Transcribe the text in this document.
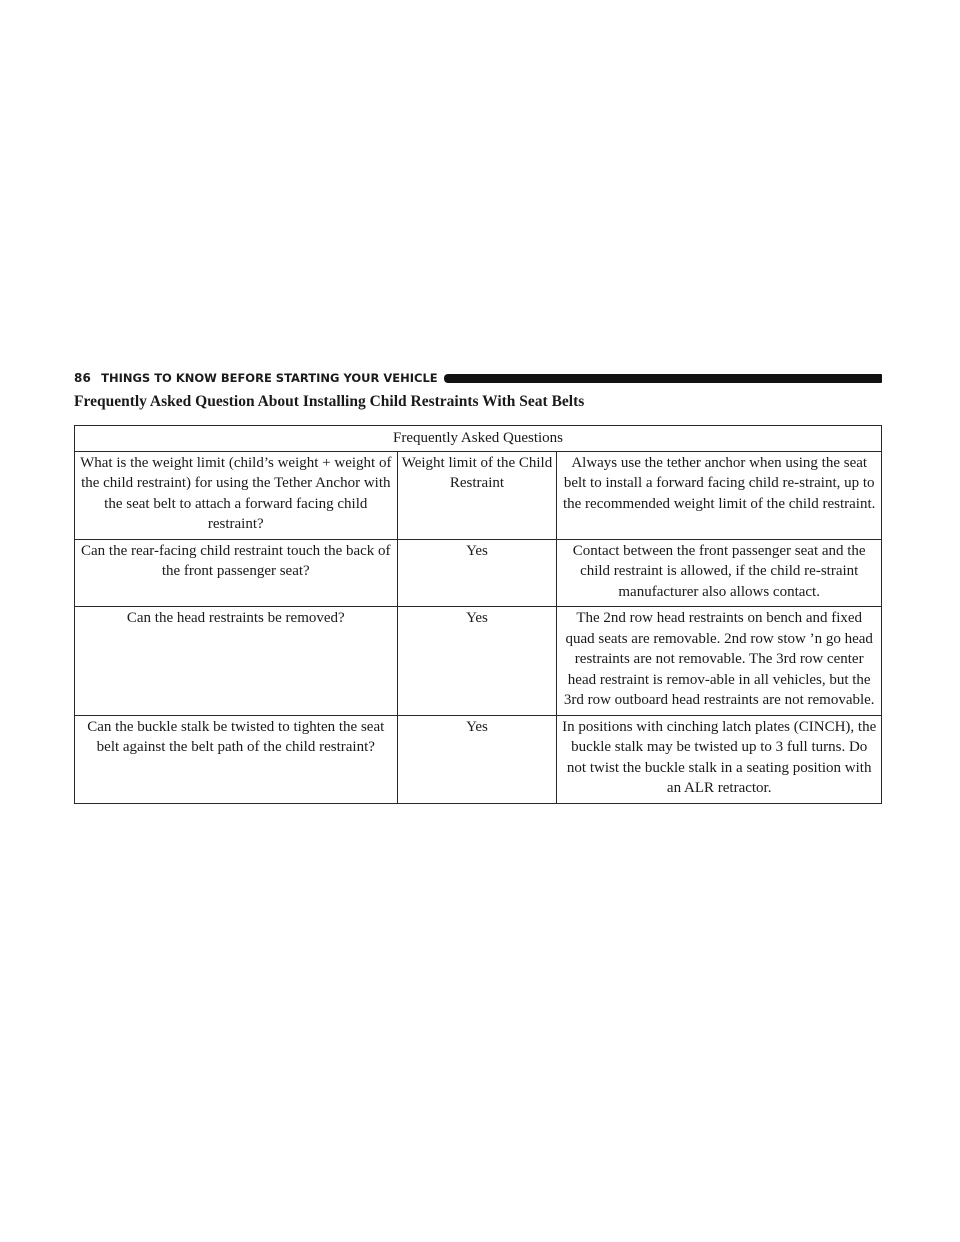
86 THINGS TO KNOW BEFORE STARTING YOUR VEHICLE
Frequently Asked Question About Installing Child Restraints With Seat Belts
Frequently Asked Questions		
What is the weight limit (child’s weight + weight of the child restraint) for using the Tether Anchor with the seat belt to attach a forward facing child restraint?	Weight limit of the Child Restraint	Always use the tether anchor when using the seat belt to install a forward facing child re-straint, up to the recommended weight limit of the child restraint.
Can the rear-facing child restraint touch the back of the front passenger seat?	Yes	Contact between the front passenger seat and the child restraint is allowed, if the child re-straint manufacturer also allows contact.
Can the head restraints be removed?	Yes	The 2nd row head restraints on bench and fixed quad seats are removable. 2nd row stow ’n go head restraints are not removable. The 3rd row center head restraint is remov-able in all vehicles, but the 3rd row outboard head restraints are not removable.
Can the buckle stalk be twisted to tighten the seat belt against the belt path of the child restraint?	Yes	In positions with cinching latch plates (CINCH), the buckle stalk may be twisted up to 3 full turns. Do not twist the buckle stalk in a seating position with an ALR retractor.
